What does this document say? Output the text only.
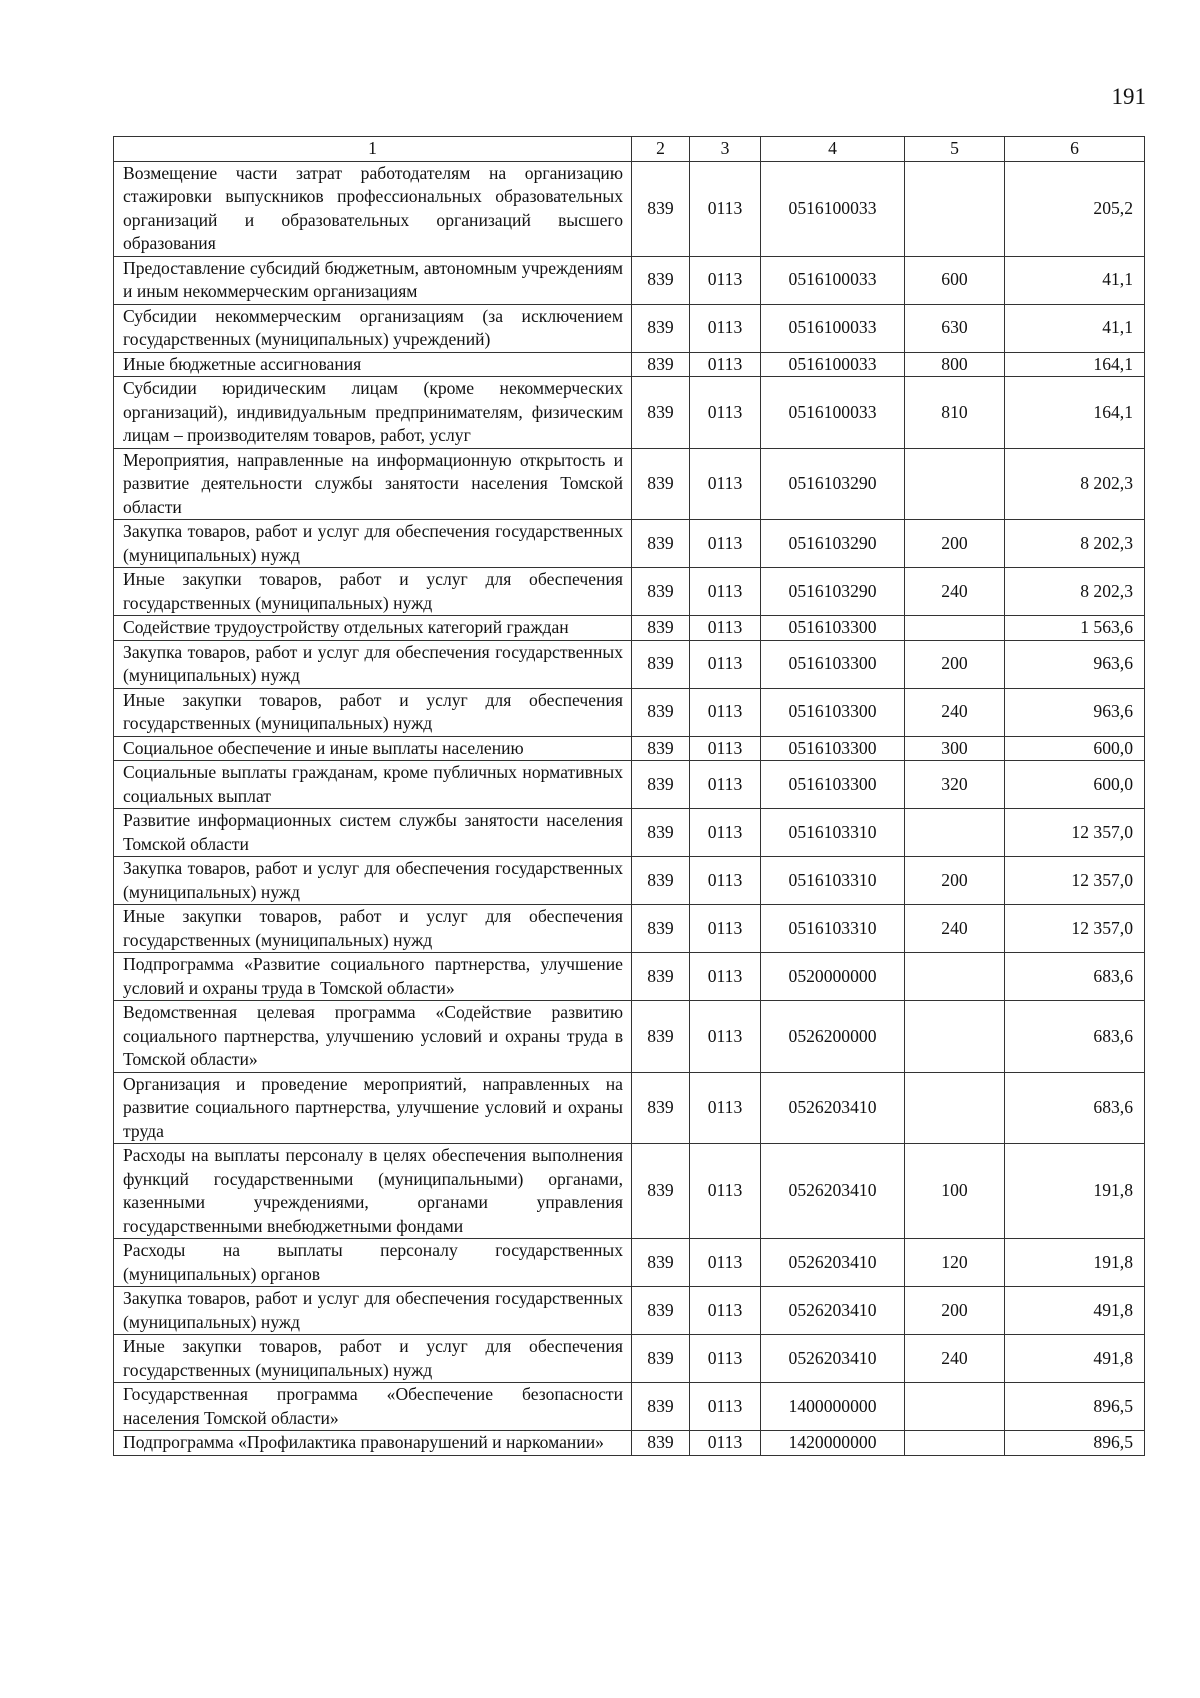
191
1	2	3	4	5	6
Возмещение части затрат работодателям на организацию стажировки выпускников профессиональных образовательных организаций и образовательных организаций высшего образования	839	0113	0516100033		205,2
Предоставление субсидий бюджетным, автономным учреждениям и иным некоммерческим организациям	839	0113	0516100033	600	41,1
Субсидии некоммерческим организациям (за исключением государственных (муниципальных) учреждений)	839	0113	0516100033	630	41,1
Иные бюджетные ассигнования	839	0113	0516100033	800	164,1
Субсидии юридическим лицам (кроме некоммерческих организаций), индивидуальным предпринимателям, физическим лицам – производителям товаров, работ, услуг	839	0113	0516100033	810	164,1
Мероприятия, направленные на информационную открытость и развитие деятельности службы занятости населения Томской области	839	0113	0516103290		8 202,3
Закупка товаров, работ и услуг для обеспечения государственных (муниципальных) нужд	839	0113	0516103290	200	8 202,3
Иные закупки товаров, работ и услуг для обеспечения государственных (муниципальных) нужд	839	0113	0516103290	240	8 202,3
Содействие трудоустройству отдельных категорий граждан	839	0113	0516103300		1 563,6
Закупка товаров, работ и услуг для обеспечения государственных (муниципальных) нужд	839	0113	0516103300	200	963,6
Иные закупки товаров, работ и услуг для обеспечения государственных (муниципальных) нужд	839	0113	0516103300	240	963,6
Социальное обеспечение и иные выплаты населению	839	0113	0516103300	300	600,0
Социальные выплаты гражданам, кроме публичных нормативных социальных выплат	839	0113	0516103300	320	600,0
Развитие информационных систем службы занятости населения Томской области	839	0113	0516103310		12 357,0
Закупка товаров, работ и услуг для обеспечения государственных (муниципальных) нужд	839	0113	0516103310	200	12 357,0
Иные закупки товаров, работ и услуг для обеспечения государственных (муниципальных) нужд	839	0113	0516103310	240	12 357,0
Подпрограмма «Развитие социального партнерства, улучшение условий и охраны труда в Томской области»	839	0113	0520000000		683,6
Ведомственная целевая программа «Содействие развитию социального партнерства, улучшению условий и охраны труда в Томской области»	839	0113	0526200000		683,6
Организация и проведение мероприятий, направленных на развитие социального партнерства, улучшение условий и охраны труда	839	0113	0526203410		683,6
Расходы на выплаты персоналу в целях обеспечения выполнения функций государственными (муниципальными) органами, казенными учреждениями, органами управления государственными внебюджетными фондами	839	0113	0526203410	100	191,8
Расходы на выплаты персоналу государственных (муниципальных) органов	839	0113	0526203410	120	191,8
Закупка товаров, работ и услуг для обеспечения государственных (муниципальных) нужд	839	0113	0526203410	200	491,8
Иные закупки товаров, работ и услуг для обеспечения государственных (муниципальных) нужд	839	0113	0526203410	240	491,8
Государственная программа «Обеспечение безопасности населения Томской области»	839	0113	1400000000		896,5
Подпрограмма «Профилактика правонарушений и наркомании»	839	0113	1420000000		896,5
